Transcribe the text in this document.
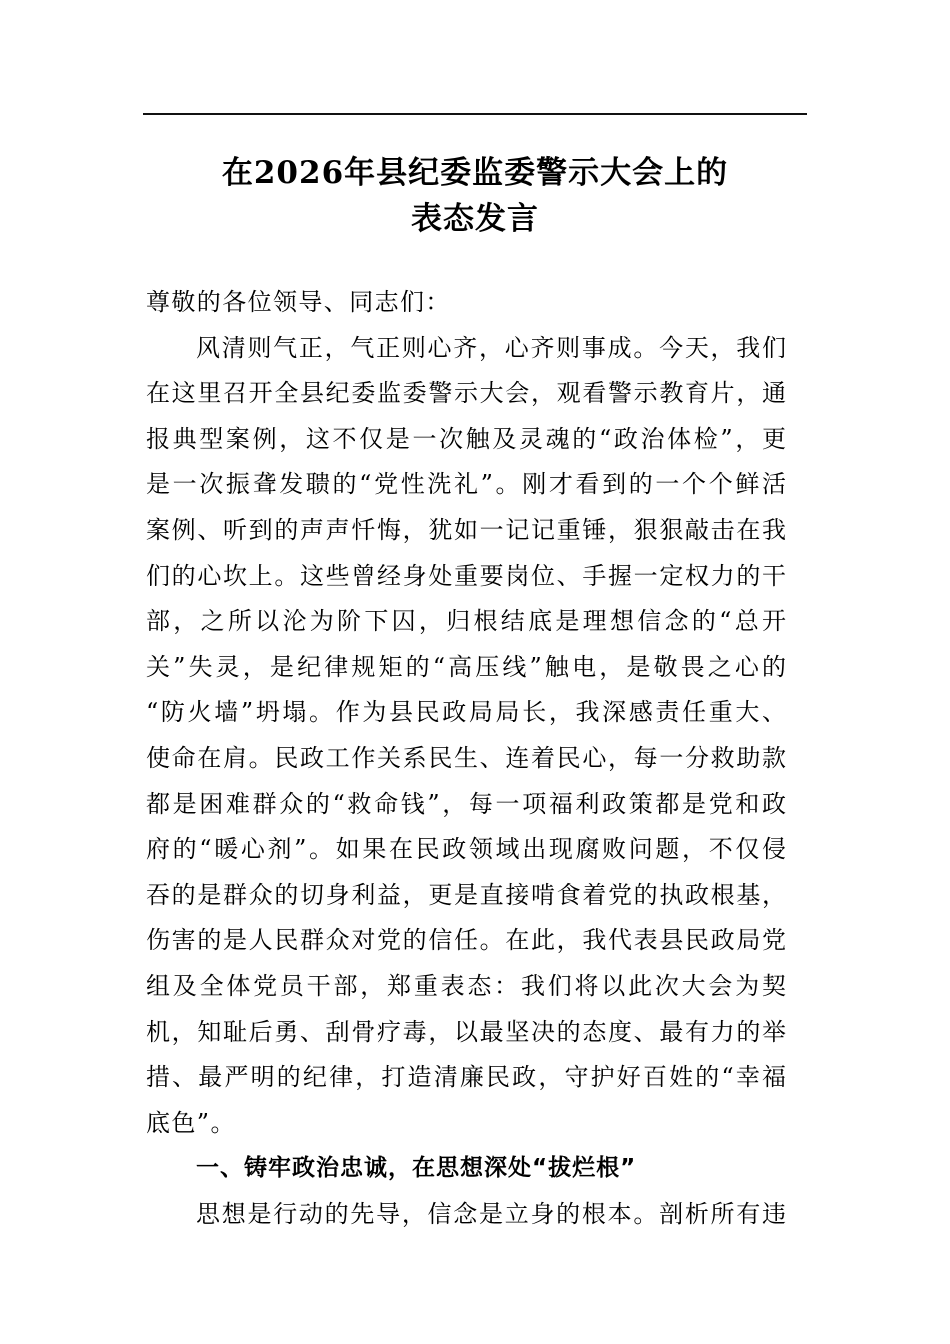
在2026年县纪委监委警示大会上的
表态发言
尊敬的各位领导、同志们：
风清则气正，气正则心齐，心齐则事成。今天，我们
在这里召开全县纪委监委警示大会，观看警示教育片，通
报典型案例，这不仅是一次触及灵魂的“政治体检”，更
是一次振聋发聩的“党性洗礼”。刚才看到的一个个鲜活
案例、听到的声声忏悔，犹如一记记重锤，狠狠敲击在我
们的心坎上。这些曾经身处重要岗位、手握一定权力的干
部，之所以沦为阶下囚，归根结底是理想信念的“总开
关”失灵，是纪律规矩的“高压线”触电，是敬畏之心的
“防火墙”坍塌。作为县民政局局长，我深感责任重大、
使命在肩。民政工作关系民生、连着民心，每一分救助款
都是困难群众的“救命钱”，每一项福利政策都是党和政
府的“暖心剂”。如果在民政领域出现腐败问题，不仅侵
吞的是群众的切身利益，更是直接啃食着党的执政根基，
伤害的是人民群众对党的信任。在此，我代表县民政局党
组及全体党员干部，郑重表态：我们将以此次大会为契
机，知耻后勇、刮骨疗毒，以最坚决的态度、最有力的举
措、最严明的纪律，打造清廉民政，守护好百姓的“幸福
底色”。
一、铸牢政治忠诚，在思想深处“拔烂根”
思想是行动的先导，信念是立身的根本。剖析所有违
